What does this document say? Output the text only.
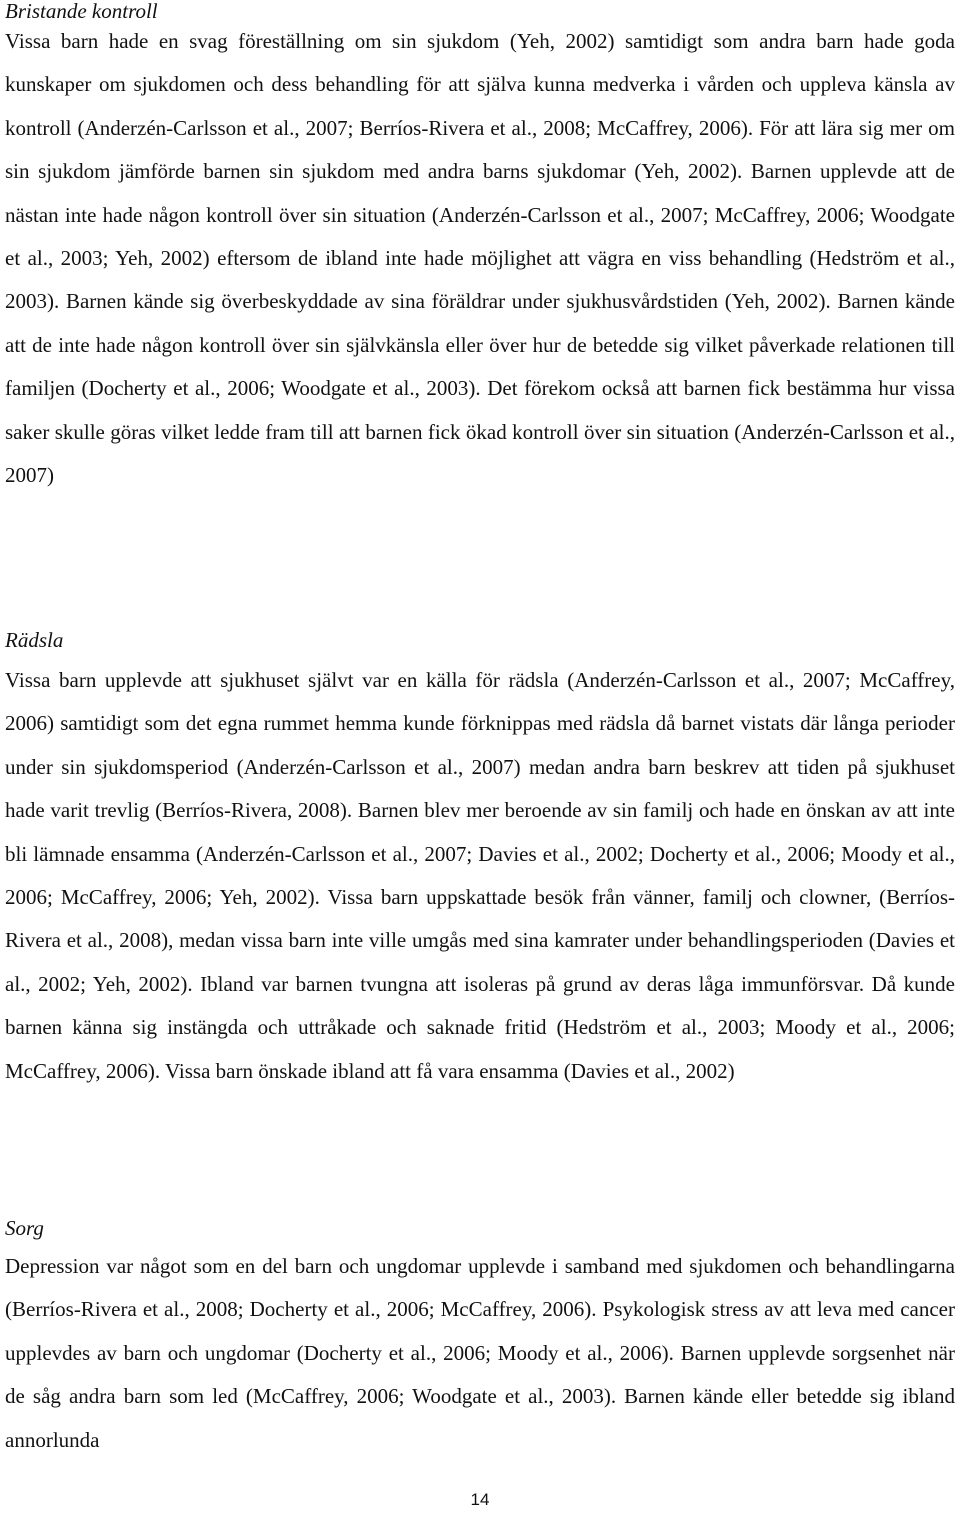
Bristande kontroll

Vissa barn hade en svag föreställning om sin sjukdom (Yeh, 2002) samtidigt som andra barn hade goda kunskaper om sjukdomen och dess behandling för att själva kunna medverka i vården och uppleva känsla av kontroll (Anderzén-Carlsson et al., 2007; Berríos-Rivera et al., 2008; McCaffrey, 2006). För att lära sig mer om sin sjukdom jämförde barnen sin sjukdom med andra barns sjukdomar (Yeh, 2002). Barnen upplevde att de nästan inte hade någon kontroll över sin situation (Anderzén-Carlsson et al., 2007; McCaffrey, 2006; Woodgate et al., 2003; Yeh, 2002) eftersom de ibland inte hade möjlighet att vägra en viss behandling (Hedström et al., 2003). Barnen kände sig överbeskyddade av sina föräldrar under sjukhusvårdstiden (Yeh, 2002). Barnen kände att de inte hade någon kontroll över sin självkänsla eller över hur de betedde sig vilket påverkade relationen till familjen (Docherty et al., 2006; Woodgate et al., 2003). Det förekom också att barnen fick bestämma hur vissa saker skulle göras vilket ledde fram till att barnen fick ökad kontroll över sin situation (Anderzén-Carlsson et al., 2007)

Rädsla

Vissa barn upplevde att sjukhuset självt var en källa för rädsla (Anderzén-Carlsson et al., 2007; McCaffrey, 2006) samtidigt som det egna rummet hemma kunde förknippas med rädsla då barnet vistats där långa perioder under sin sjukdomsperiod (Anderzén-Carlsson et al., 2007) medan andra barn beskrev att tiden på sjukhuset hade varit trevlig (Berríos-Rivera, 2008). Barnen blev mer beroende av sin familj och hade en önskan av att inte bli lämnade ensamma (Anderzén-Carlsson et al., 2007; Davies et al., 2002; Docherty et al., 2006; Moody et al., 2006; McCaffrey, 2006; Yeh, 2002). Vissa barn uppskattade besök från vänner, familj och clowner, (Berríos-Rivera et al., 2008), medan vissa barn inte ville umgås med sina kamrater under behandlingsperioden (Davies et al., 2002; Yeh, 2002). Ibland var barnen tvungna att isoleras på grund av deras låga immunförsvar. Då kunde barnen känna sig instängda och uttråkade och saknade fritid (Hedström et al., 2003; Moody et al., 2006; McCaffrey, 2006). Vissa barn önskade ibland att få vara ensamma (Davies et al., 2002)

Sorg

Depression var något som en del barn och ungdomar upplevde i samband med sjukdomen och behandlingarna (Berríos-Rivera et al., 2008; Docherty et al., 2006; McCaffrey, 2006). Psykologisk stress av att leva med cancer upplevdes av barn och ungdomar (Docherty et al., 2006; Moody et al., 2006). Barnen upplevde sorgsenhet när de såg andra barn som led (McCaffrey, 2006; Woodgate et al., 2003). Barnen kände eller betedde sig ibland annorlunda

14
